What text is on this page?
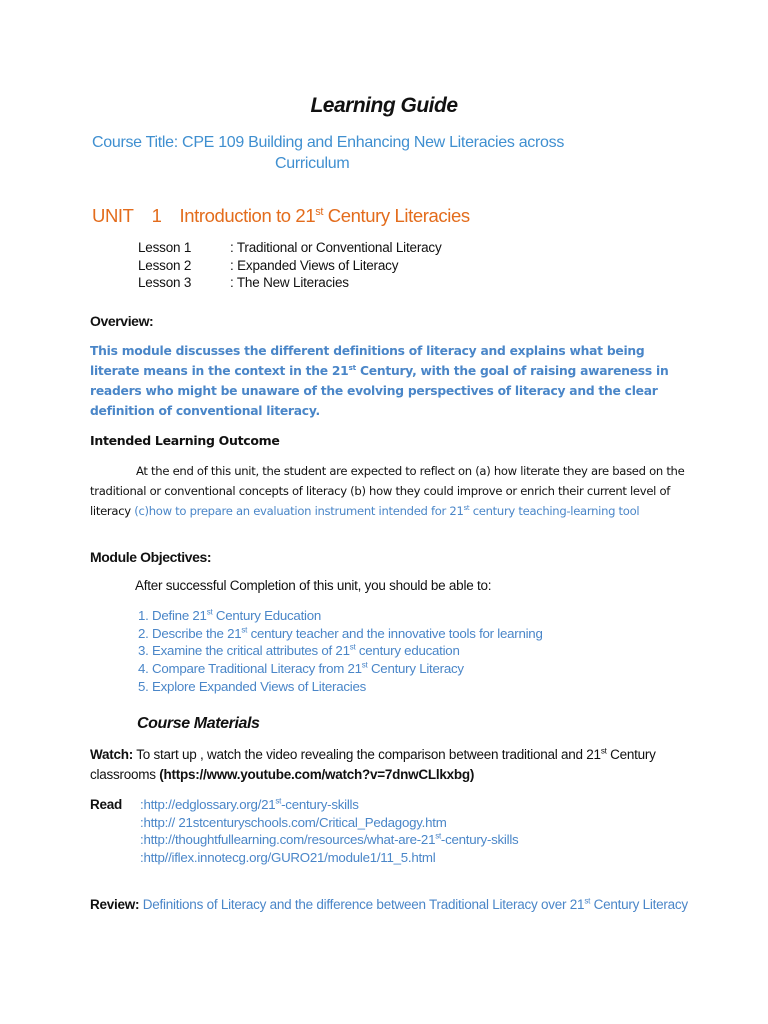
Learning Guide
Course Title: CPE 109 Building and Enhancing New Literacies across
Curriculum
UNIT 1 Introduction to 21st Century Literacies
Lesson 1	: Traditional or Conventional Literacy
Lesson 2	: Expanded Views of Literacy
Lesson 3	: The New Literacies
Overview:
This module discusses the different definitions of literacy and explains what being literate means in the context in the 21st Century, with the goal of raising awareness in readers who might be unaware of the evolving perspectives of literacy and the clear definition of conventional literacy.
Intended Learning Outcome
At the end of this unit, the student are expected to reflect on (a) how literate they are based on the traditional or conventional concepts of literacy (b) how they could improve or enrich their current level of literacy (c)how to prepare an evaluation instrument intended for 21st century teaching-learning tool
Module Objectives:
After successful Completion of this unit, you should be able to:
1. Define 21st Century Education
2. Describe the 21st century teacher and the innovative tools for learning
3. Examine the critical attributes of 21st century education
4. Compare Traditional Literacy from 21st Century Literacy
5. Explore Expanded Views of Literacies
Course Materials
Watch: To start up , watch the video revealing the comparison between traditional and 21st Century
classrooms (https://www.youtube.com/watch?v=7dnwCLlkxbg)
Read :http://edglossary.org/21st-century-skills
:http:// 21stcenturyschools.com/Critical_Pedagogy.htm
:http://thoughtfullearning.com/resources/what-are-21st-century-skills
:http//iflex.innotecg.org/GURO21/module1/11_5.html
Review: Definitions of Literacy and the difference between Traditional Literacy over 21st Century Literacy
